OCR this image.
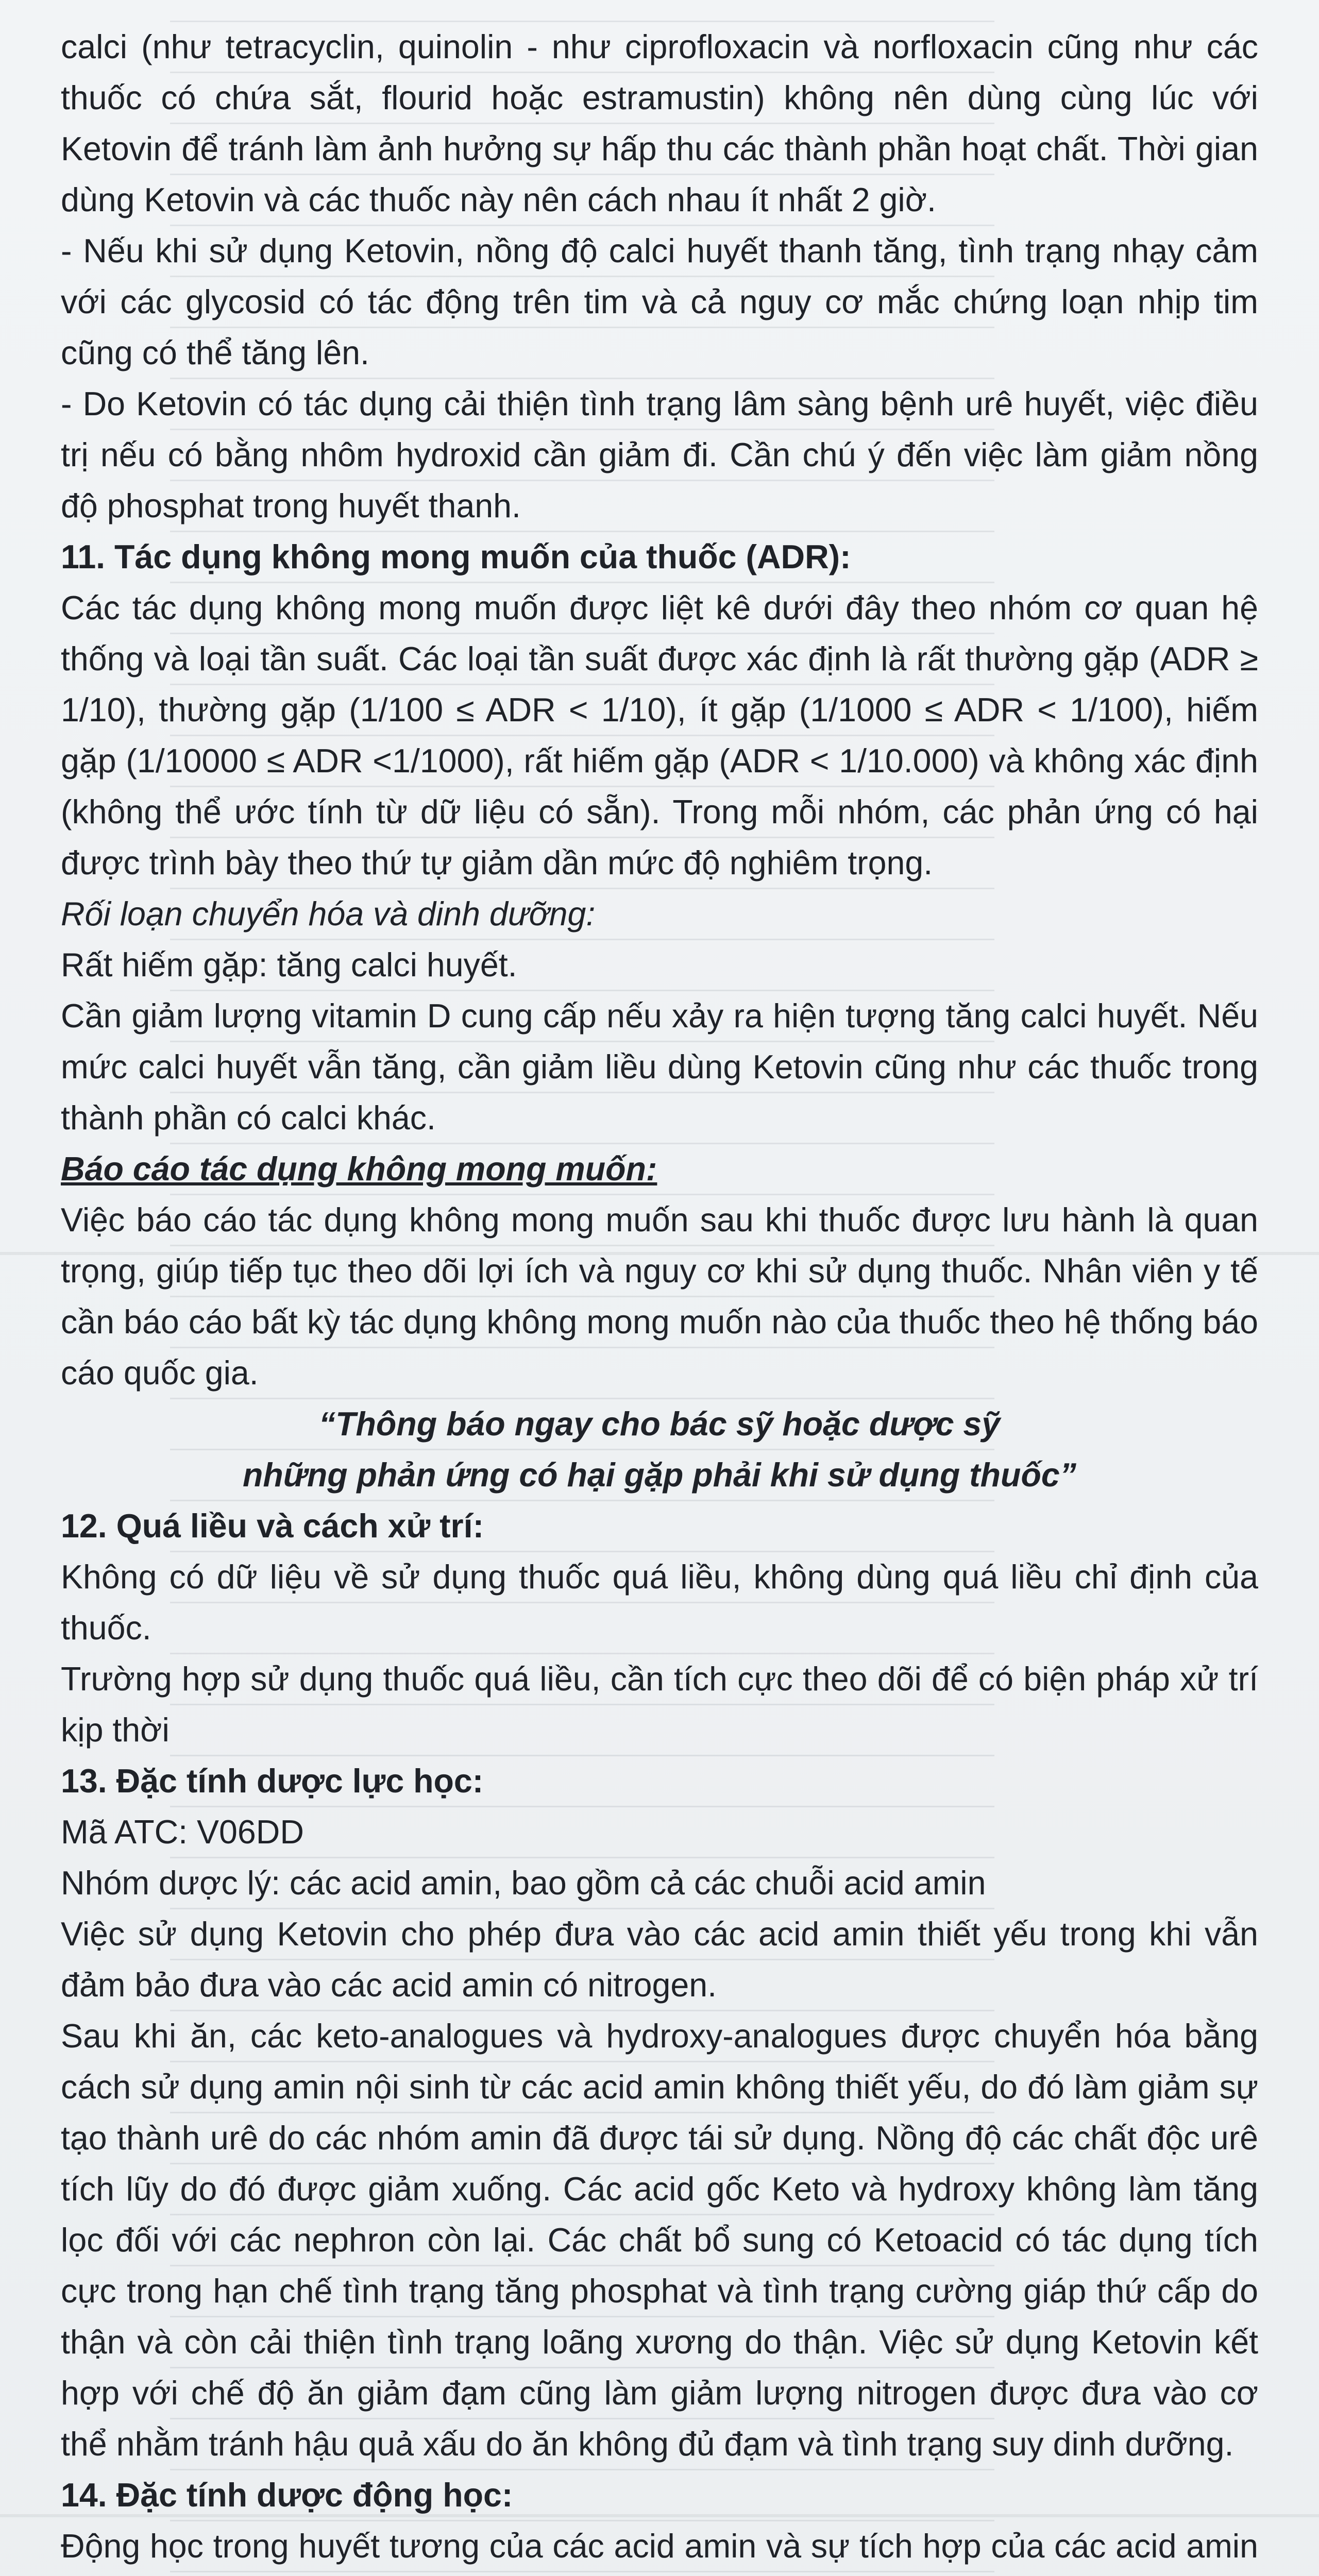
calci (như tetracyclin, quinolin - như ciprofloxacin và norfloxacin cũng như các thuốc có chứa sắt, flourid hoặc estramustin) không nên dùng cùng lúc với Ketovin để tránh làm ảnh hưởng sự hấp thu các thành phần hoạt chất. Thời gian dùng Ketovin và các thuốc này nên cách nhau ít nhất 2 giờ.

- Nếu khi sử dụng Ketovin, nồng độ calci huyết thanh tăng, tình trạng nhạy cảm với các glycosid có tác động trên tim và cả nguy cơ mắc chứng loạn nhịp tim cũng có thể tăng lên.

- Do Ketovin có tác dụng cải thiện tình trạng lâm sàng bệnh urê huyết, việc điều trị nếu có bằng nhôm hydroxid cần giảm đi. Cần chú ý đến việc làm giảm nồng độ phosphat trong huyết thanh.

11. Tác dụng không mong muốn của thuốc (ADR):

Các tác dụng không mong muốn được liệt kê dưới đây theo nhóm cơ quan hệ thống và loại tần suất. Các loại tần suất được xác định là rất thường gặp (ADR ≥ 1/10), thường gặp (1/100 ≤ ADR < 1/10), ít gặp (1/1000 ≤ ADR < 1/100), hiếm gặp (1/10000 ≤ ADR <1/1000), rất hiếm gặp (ADR < 1/10.000) và không xác định (không thể ước tính từ dữ liệu có sẵn). Trong mỗi nhóm, các phản ứng có hại được trình bày theo thứ tự giảm dần mức độ nghiêm trọng.

Rối loạn chuyển hóa và dinh dưỡng:

Rất hiếm gặp: tăng calci huyết.

Cần giảm lượng vitamin D cung cấp nếu xảy ra hiện tượng tăng calci huyết. Nếu mức calci huyết vẫn tăng, cần giảm liều dùng Ketovin cũng như các thuốc trong thành phần có calci khác.

Báo cáo tác dụng không mong muốn:

Việc báo cáo tác dụng không mong muốn sau khi thuốc được lưu hành là quan trọng, giúp tiếp tục theo dõi lợi ích và nguy cơ khi sử dụng thuốc. Nhân viên y tế cần báo cáo bất kỳ tác dụng không mong muốn nào của thuốc theo hệ thống báo cáo quốc gia.

“Thông báo ngay cho bác sỹ hoặc dược sỹ

những phản ứng có hại gặp phải khi sử dụng thuốc”

12. Quá liều và cách xử trí:

Không có dữ liệu về sử dụng thuốc quá liều, không dùng quá liều chỉ định của thuốc.

Trường hợp sử dụng thuốc quá liều, cần tích cực theo dõi để có biện pháp xử trí kịp thời

13. Đặc tính dược lực học:

Mã ATC: V06DD

Nhóm dược lý: các acid amin, bao gồm cả các chuỗi acid amin

Việc sử dụng Ketovin cho phép đưa vào các acid amin thiết yếu trong khi vẫn đảm bảo đưa vào các acid amin có nitrogen.

Sau khi ăn, các keto-analogues và hydroxy-analogues được chuyển hóa bằng cách sử dụng amin nội sinh từ các acid amin không thiết yếu, do đó làm giảm sự tạo thành urê do các nhóm amin đã được tái sử dụng. Nồng độ các chất độc urê tích lũy do đó được giảm xuống. Các acid gốc Keto và hydroxy không làm tăng lọc đối với các nephron còn lại. Các chất bổ sung có Ketoacid có tác dụng tích cực trong hạn chế tình trạng tăng phosphat và tình trạng cường giáp thứ cấp do thận và còn cải thiện tình trạng loãng xương do thận. Việc sử dụng Ketovin kết hợp với chế độ ăn giảm đạm cũng làm giảm lượng nitrogen được đưa vào cơ thể nhằm tránh hậu quả xấu do ăn không đủ đạm và tình trạng suy dinh dưỡng.

14. Đặc tính dược động học:

Động học trong huyết tương của các acid amin và sự tích hợp của các acid amin
